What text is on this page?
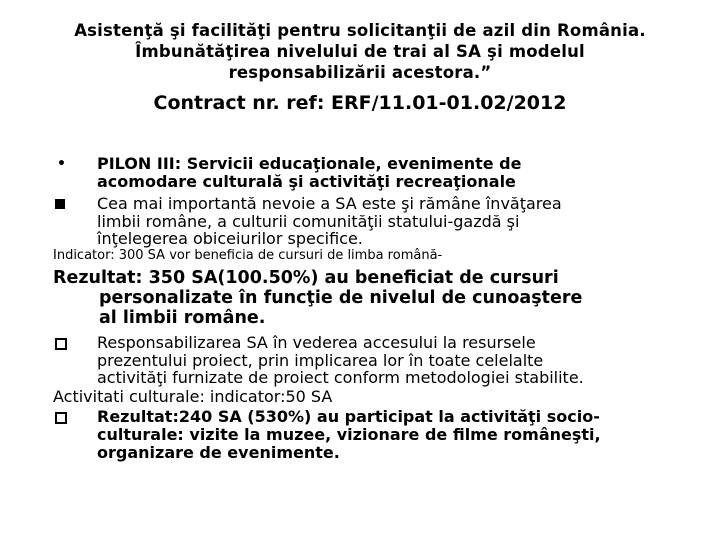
Asistenţă şi facilităţi pentru solicitanţii de azil din România.
Îmbunătăţirea nivelului de trai al SA şi modelul
responsabilizării acestora.”
Contract nr. ref: ERF/11.01-01.02/2012
• PILON III: Servicii educaţionale, evenimente de
acomodare culturală şi activităţi recreaţionale
Cea mai importantă nevoie a SA este şi rămâne învăţarea
limbii române, a culturii comunităţii statului-gazdă şi
înţelegerea obiceiurilor specifice.
Indicator: 300 SA vor beneficia de cursuri de limba română-
Rezultat: 350 SA(100.50%) au beneficiat de cursuri
personalizate în funcţie de nivelul de cunoaştere
al limbii române.
Responsabilizarea SA în vederea accesului la resursele
prezentului proiect, prin implicarea lor în toate celelalte
activităţi furnizate de proiect conform metodologiei stabilite.
Activitati culturale: indicator:50 SA
Rezultat:240 SA (530%) au participat la activităţi socio-
culturale: vizite la muzee, vizionare de filme româneşti,
organizare de evenimente.
